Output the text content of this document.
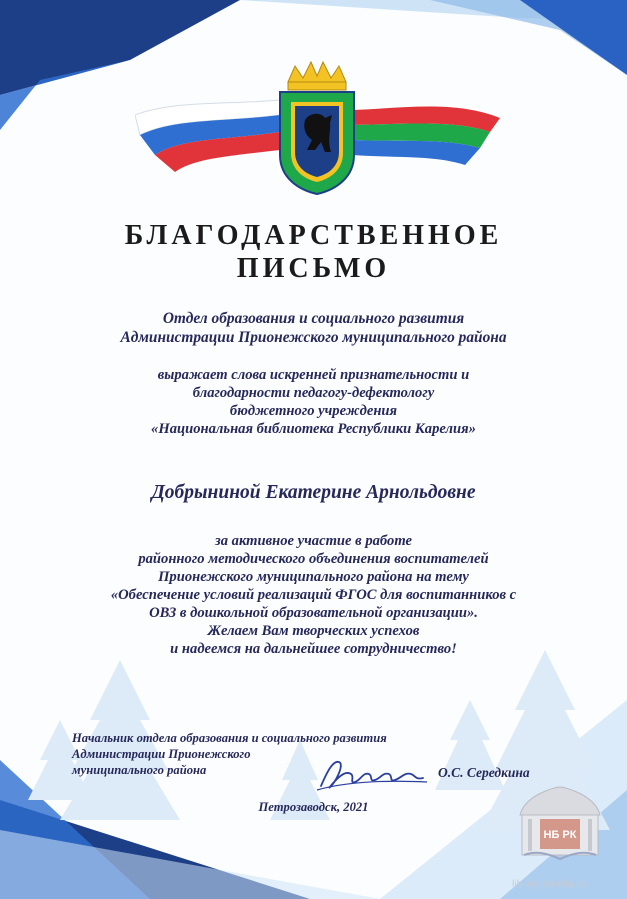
БЛАГОДАРСТВЕННОЕ
ПИСЬМО
Отдел образования и социального развития
Администрации Прионежского муниципального района
выражает слова искренней признательности и
благодарности педагогу-дефектологу
бюджетного учреждения
«Национальная библиотека Республики Карелия»
Добрыниной Екатерине Арнольдовне
за активное участие в работе
районного методического объединения воспитателей
Прионежского муниципального района на тему
«Обеспечение условий реализаций ФГОС для воспитанников с
ОВЗ в дошкольной образовательной организации».
Желаем Вам творческих успехов
и надеемся на дальнейшее сотрудничество!
Начальник отдела образования и социального развития
Администрации Прионежского
муниципального района	О.С. Середкина
Петрозаводск, 2021
НБ РК
library.karelia.ru
